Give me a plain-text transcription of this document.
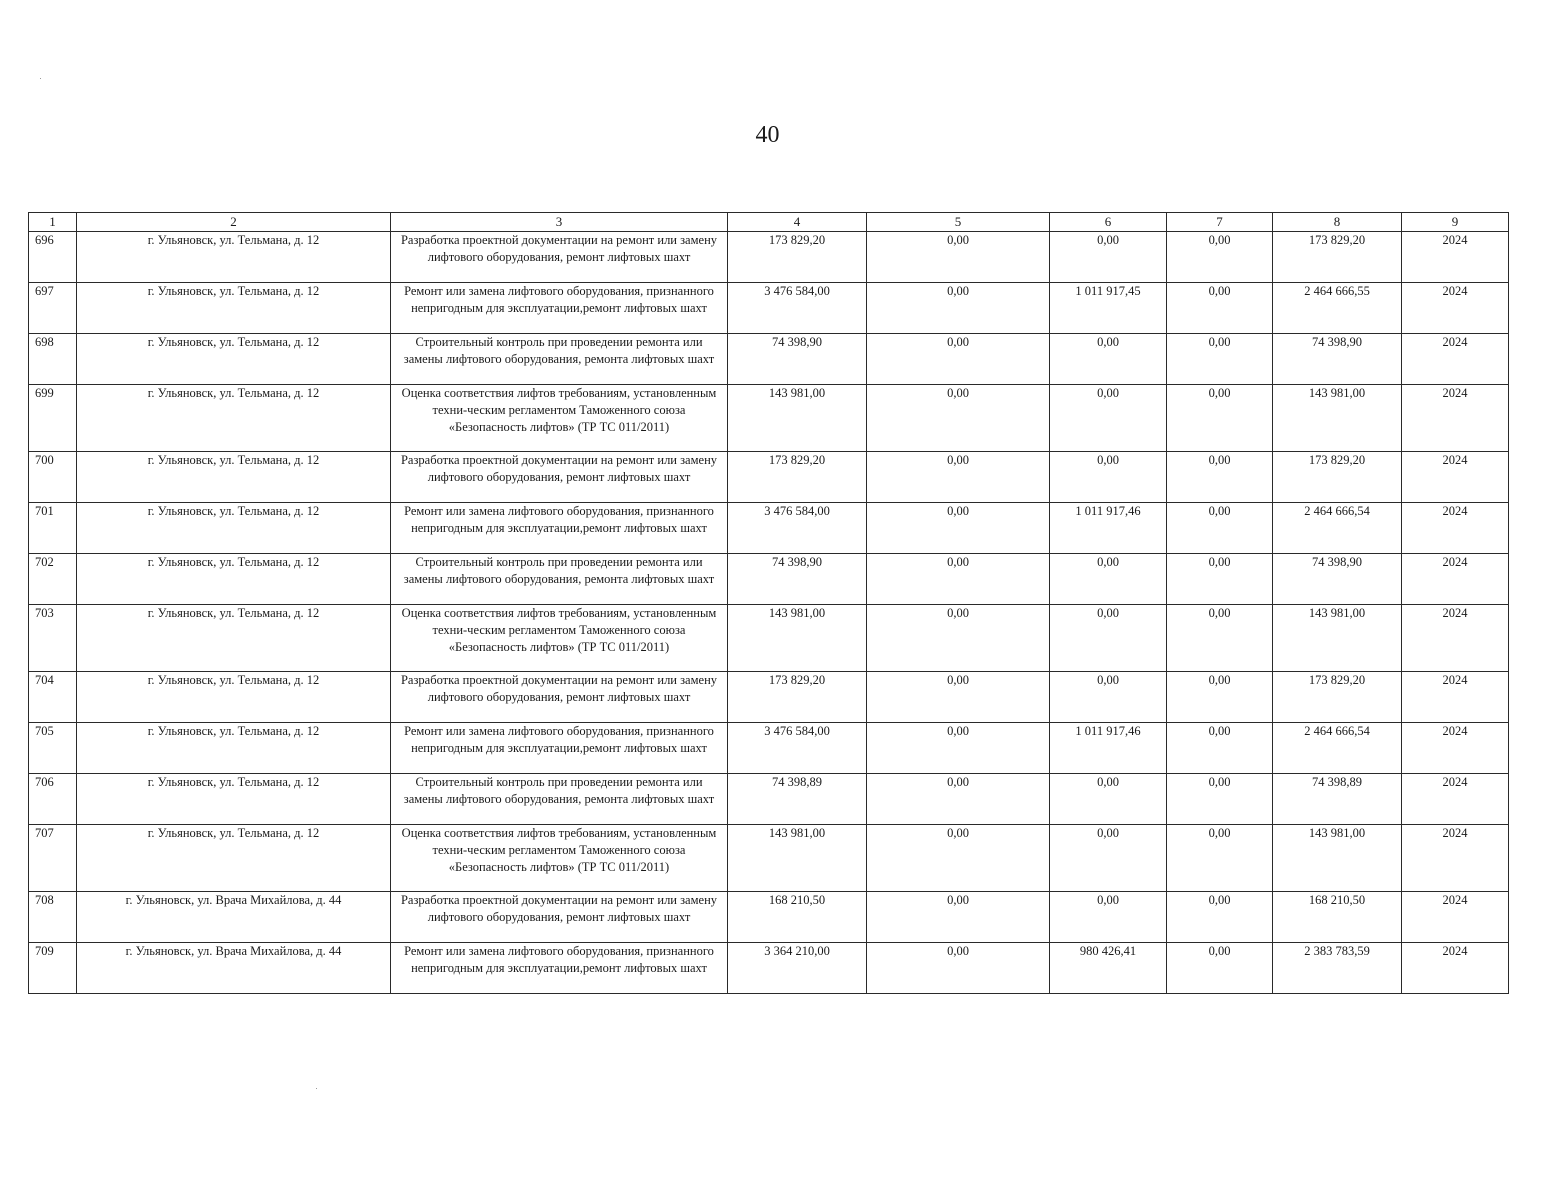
40
1	2	3	4	5	6	7	8	9
696	г. Ульяновск, ул. Тельмана, д. 12	Разработка проектной документации на ремонт или замену лифтового оборудования, ремонт лифтовых шахт	173 829,20	0,00	0,00	0,00	173 829,20	2024
697	г. Ульяновск, ул. Тельмана, д. 12	Ремонт или замена лифтового оборудования, признанного непригодным для эксплуатации,ремонт лифтовых шахт	3 476 584,00	0,00	1 011 917,45	0,00	2 464 666,55	2024
698	г. Ульяновск, ул. Тельмана, д. 12	Строительный контроль при проведении ремонта или замены лифтового оборудования, ремонта лифтовых шахт	74 398,90	0,00	0,00	0,00	74 398,90	2024
699	г. Ульяновск, ул. Тельмана, д. 12	Оценка соответствия лифтов требованиям, установленным техни-ческим регламентом Таможенного союза «Безопасность лифтов» (ТР ТС 011/2011)	143 981,00	0,00	0,00	0,00	143 981,00	2024
700	г. Ульяновск, ул. Тельмана, д. 12	Разработка проектной документации на ремонт или замену лифтового оборудования, ремонт лифтовых шахт	173 829,20	0,00	0,00	0,00	173 829,20	2024
701	г. Ульяновск, ул. Тельмана, д. 12	Ремонт или замена лифтового оборудования, признанного непригодным для эксплуатации,ремонт лифтовых шахт	3 476 584,00	0,00	1 011 917,46	0,00	2 464 666,54	2024
702	г. Ульяновск, ул. Тельмана, д. 12	Строительный контроль при проведении ремонта или замены лифтового оборудования, ремонта лифтовых шахт	74 398,90	0,00	0,00	0,00	74 398,90	2024
703	г. Ульяновск, ул. Тельмана, д. 12	Оценка соответствия лифтов требованиям, установленным техни-ческим регламентом Таможенного союза «Безопасность лифтов» (ТР ТС 011/2011)	143 981,00	0,00	0,00	0,00	143 981,00	2024
704	г. Ульяновск, ул. Тельмана, д. 12	Разработка проектной документации на ремонт или замену лифтового оборудования, ремонт лифтовых шахт	173 829,20	0,00	0,00	0,00	173 829,20	2024
705	г. Ульяновск, ул. Тельмана, д. 12	Ремонт или замена лифтового оборудования, признанного непригодным для эксплуатации,ремонт лифтовых шахт	3 476 584,00	0,00	1 011 917,46	0,00	2 464 666,54	2024
706	г. Ульяновск, ул. Тельмана, д. 12	Строительный контроль при проведении ремонта или замены лифтового оборудования, ремонта лифтовых шахт	74 398,89	0,00	0,00	0,00	74 398,89	2024
707	г. Ульяновск, ул. Тельмана, д. 12	Оценка соответствия лифтов требованиям, установленным техни-ческим регламентом Таможенного союза «Безопасность лифтов» (ТР ТС 011/2011)	143 981,00	0,00	0,00	0,00	143 981,00	2024
708	г. Ульяновск, ул. Врача Михайлова, д. 44	Разработка проектной документации на ремонт или замену лифтового оборудования, ремонт лифтовых шахт	168 210,50	0,00	0,00	0,00	168 210,50	2024
709	г. Ульяновск, ул. Врача Михайлова, д. 44	Ремонт или замена лифтового оборудования, признанного непригодным для эксплуатации,ремонт лифтовых шахт	3 364 210,00	0,00	980 426,41	0,00	2 383 783,59	2024
